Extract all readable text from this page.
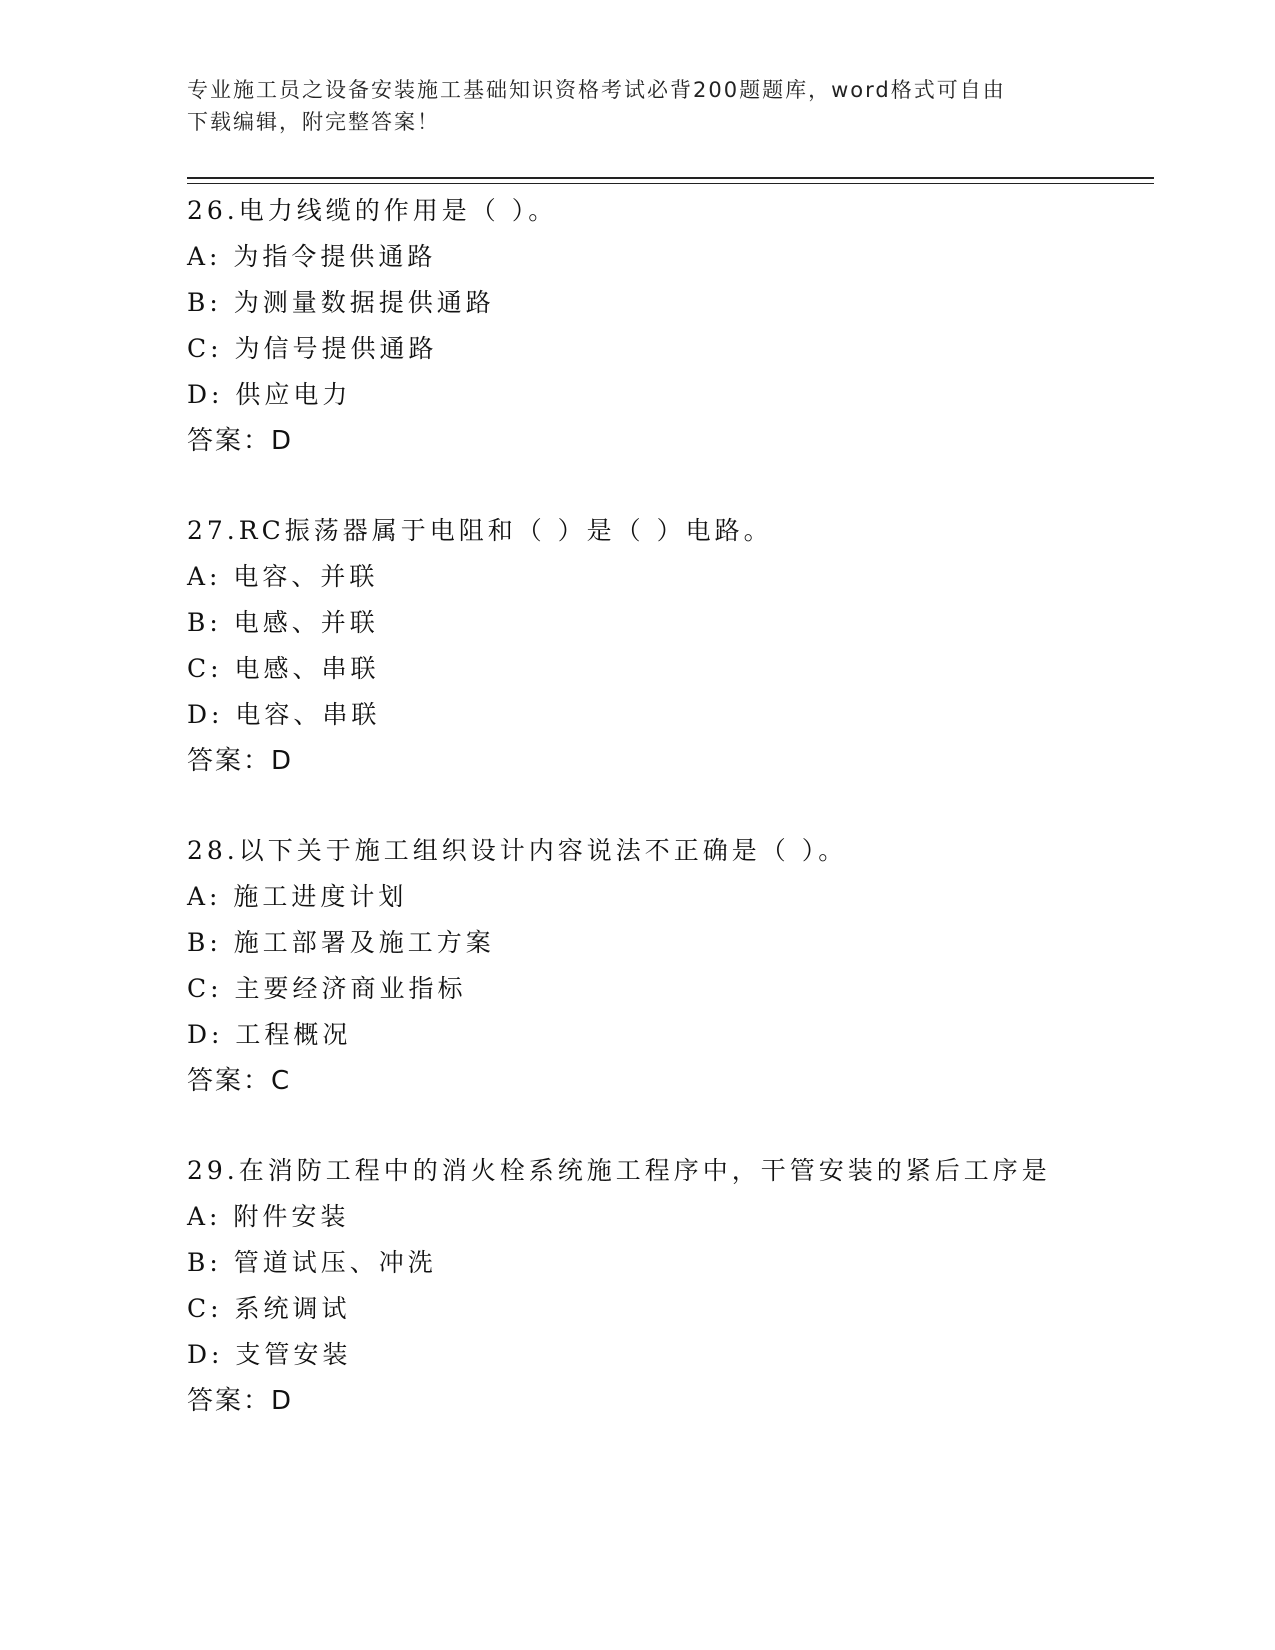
专业施工员之设备安装施工基础知识资格考试必背200题题库，word格式可自由
下载编辑，附完整答案！
26.电力线缆的作用是（ ）。
A: 为指令提供通路
B: 为测量数据提供通路
C: 为信号提供通路
D: 供应电力
答案：D
27.RC振荡器属于电阻和（ ）是（ ）电路。
A: 电容、并联
B: 电感、并联
C: 电感、串联
D: 电容、串联
答案：D
28.以下关于施工组织设计内容说法不正确是（ ）。
A: 施工进度计划
B: 施工部署及施工方案
C: 主要经济商业指标
D: 工程概况
答案：C
29.在消防工程中的消火栓系统施工程序中，干管安装的紧后工序是
A: 附件安装
B: 管道试压、冲洗
C: 系统调试
D: 支管安装
答案：D
